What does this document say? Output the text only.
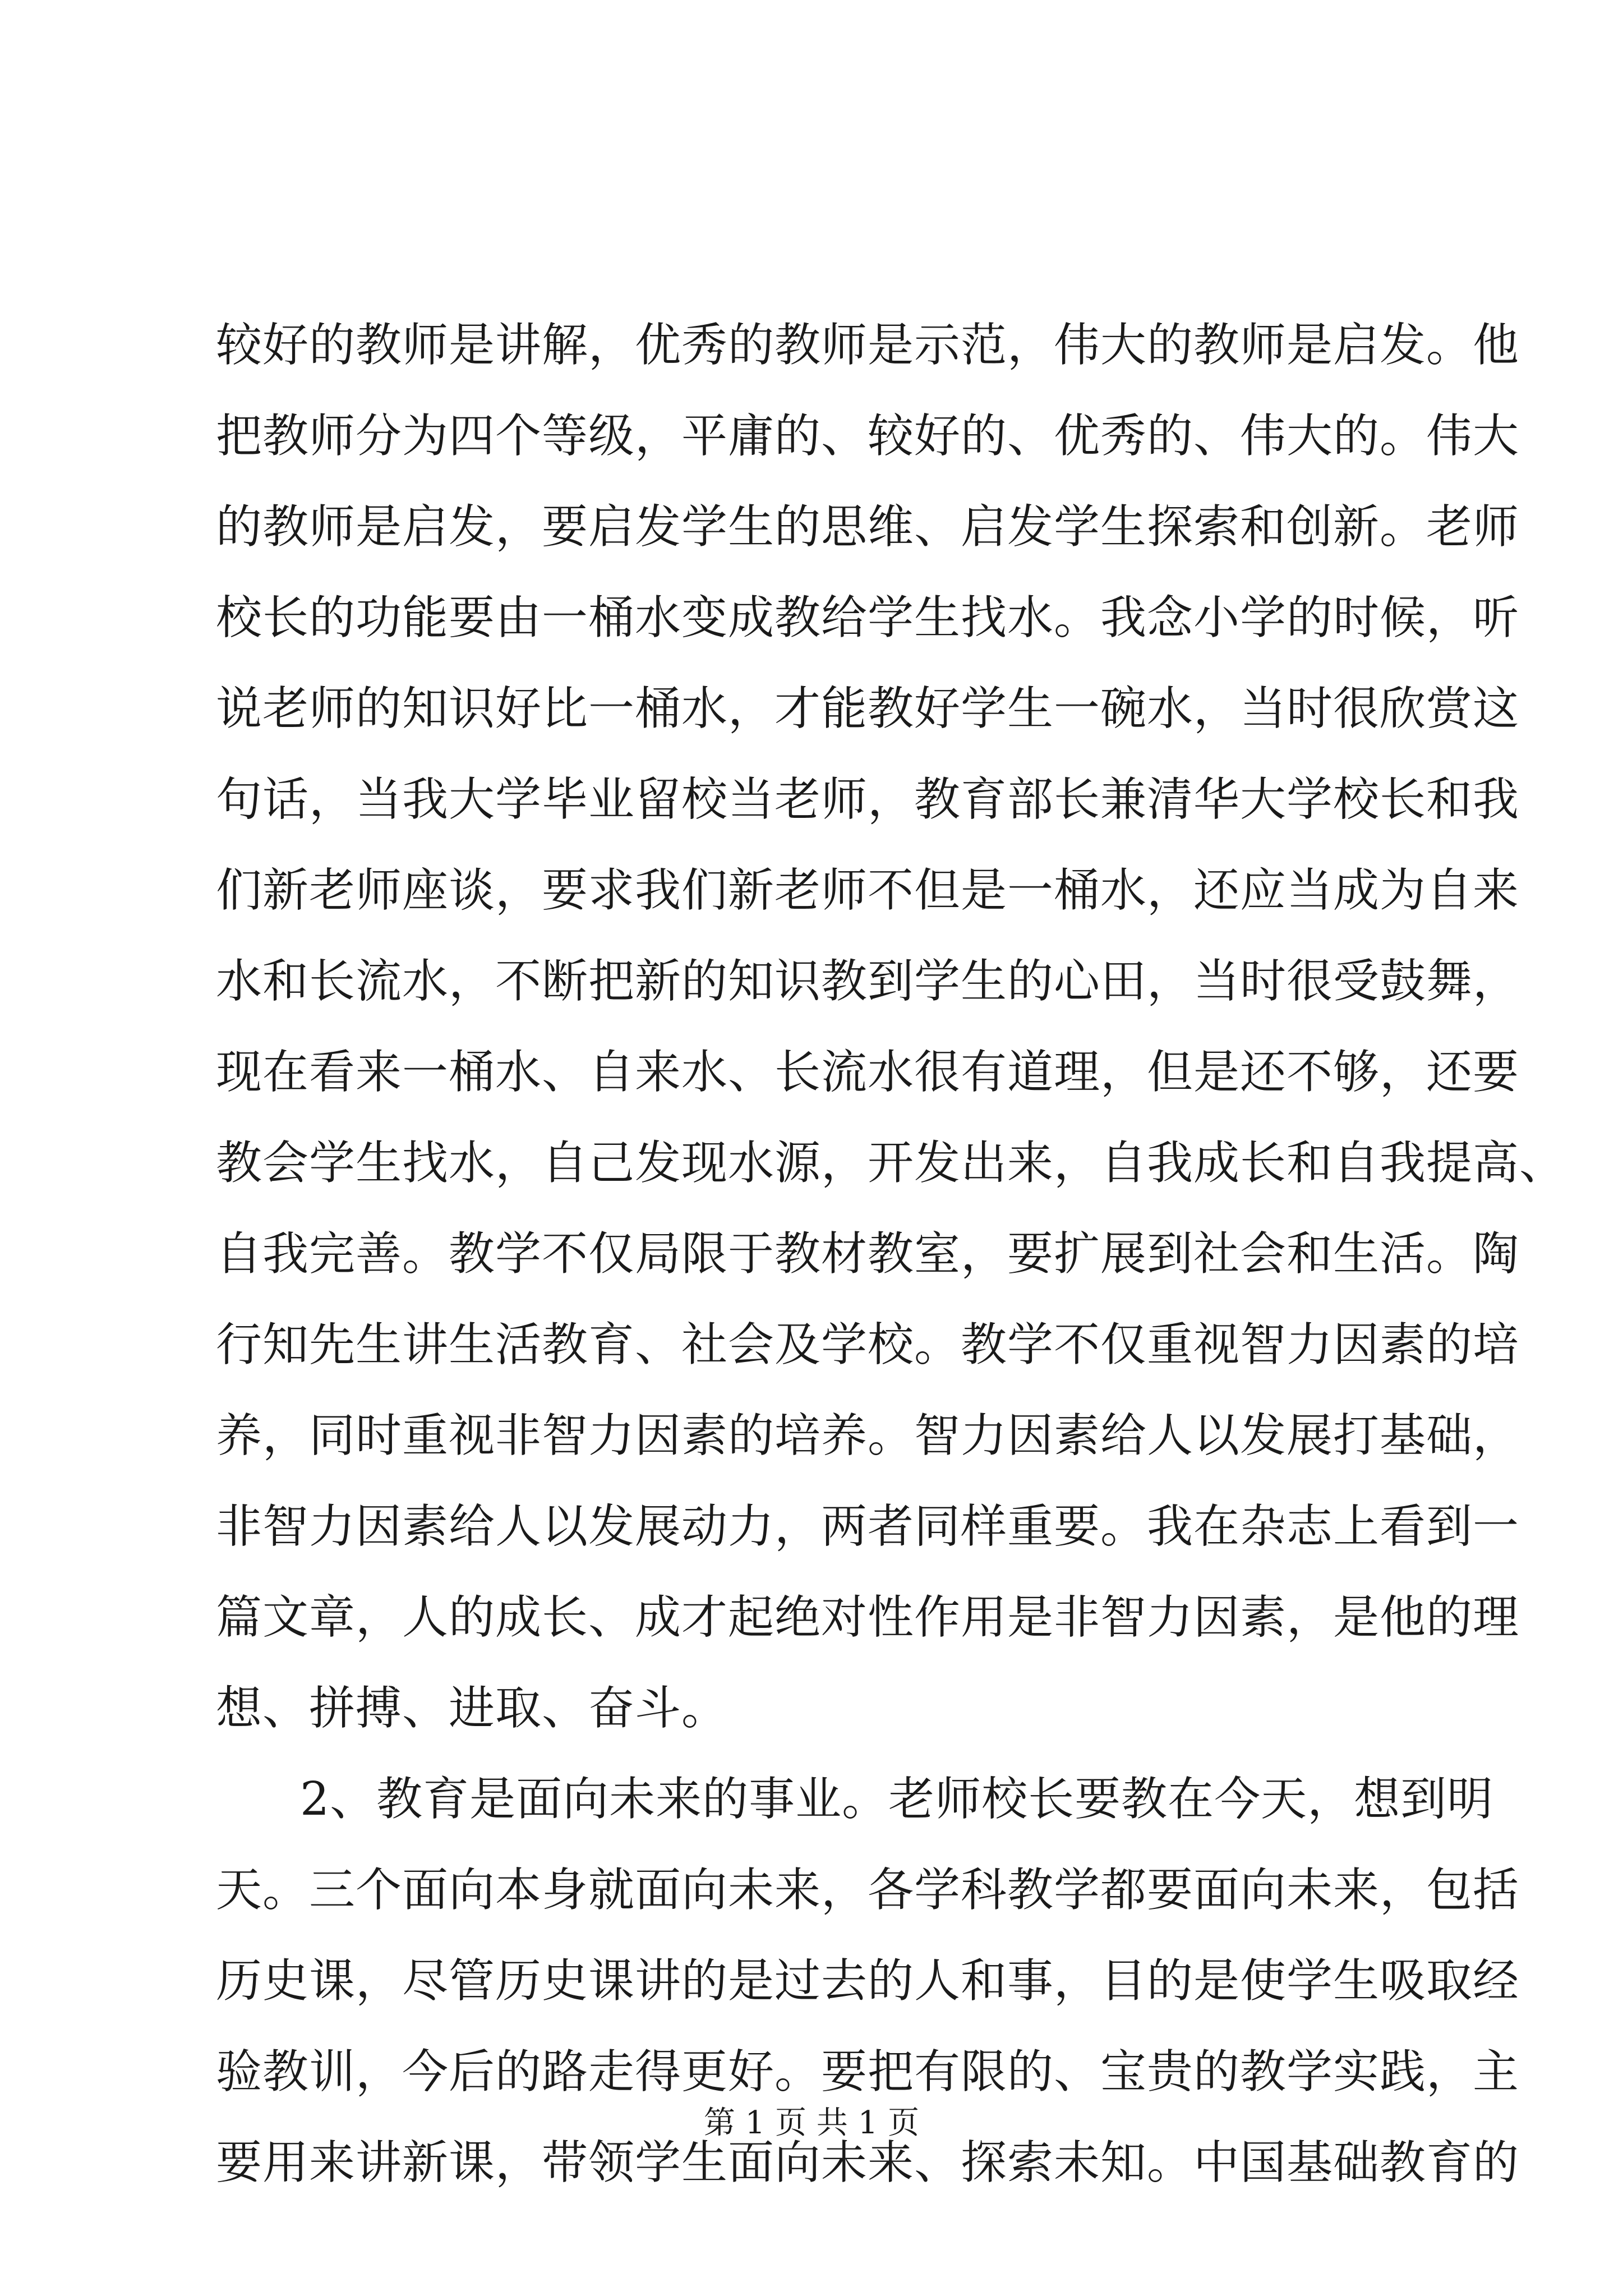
较好的教师是讲解，优秀的教师是示范，伟大的教师是启发。他
把教师分为四个等级，平庸的、较好的、优秀的、伟大的。伟大
的教师是启发，要启发学生的思维、启发学生探索和创新。老师
校长的功能要由一桶水变成教给学生找水。我念小学的时候，听
说老师的知识好比一桶水，才能教好学生一碗水，当时很欣赏这
句话，当我大学毕业留校当老师，教育部长兼清华大学校长和我
们新老师座谈，要求我们新老师不但是一桶水，还应当成为自来
水和长流水，不断把新的知识教到学生的心田，当时很受鼓舞，
现在看来一桶水、自来水、长流水很有道理，但是还不够，还要
教会学生找水，自己发现水源，开发出来，自我成长和自我提高、
自我完善。教学不仅局限于教材教室，要扩展到社会和生活。陶
行知先生讲生活教育、社会及学校。教学不仅重视智力因素的培
养，同时重视非智力因素的培养。智力因素给人以发展打基础，
非智力因素给人以发展动力，两者同样重要。我在杂志上看到一
篇文章，人的成长、成才起绝对性作用是非智力因素，是他的理
想、拼搏、进取、奋斗。
2、教育是面向未来的事业。老师校长要教在今天，想到明
天。三个面向本身就面向未来，各学科教学都要面向未来，包括
历史课，尽管历史课讲的是过去的人和事，目的是使学生吸取经
验教训，今后的路走得更好。要把有限的、宝贵的教学实践，主
要用来讲新课，带领学生面向未来、探索未知。中国基础教育的
第 1 页 共 1 页
